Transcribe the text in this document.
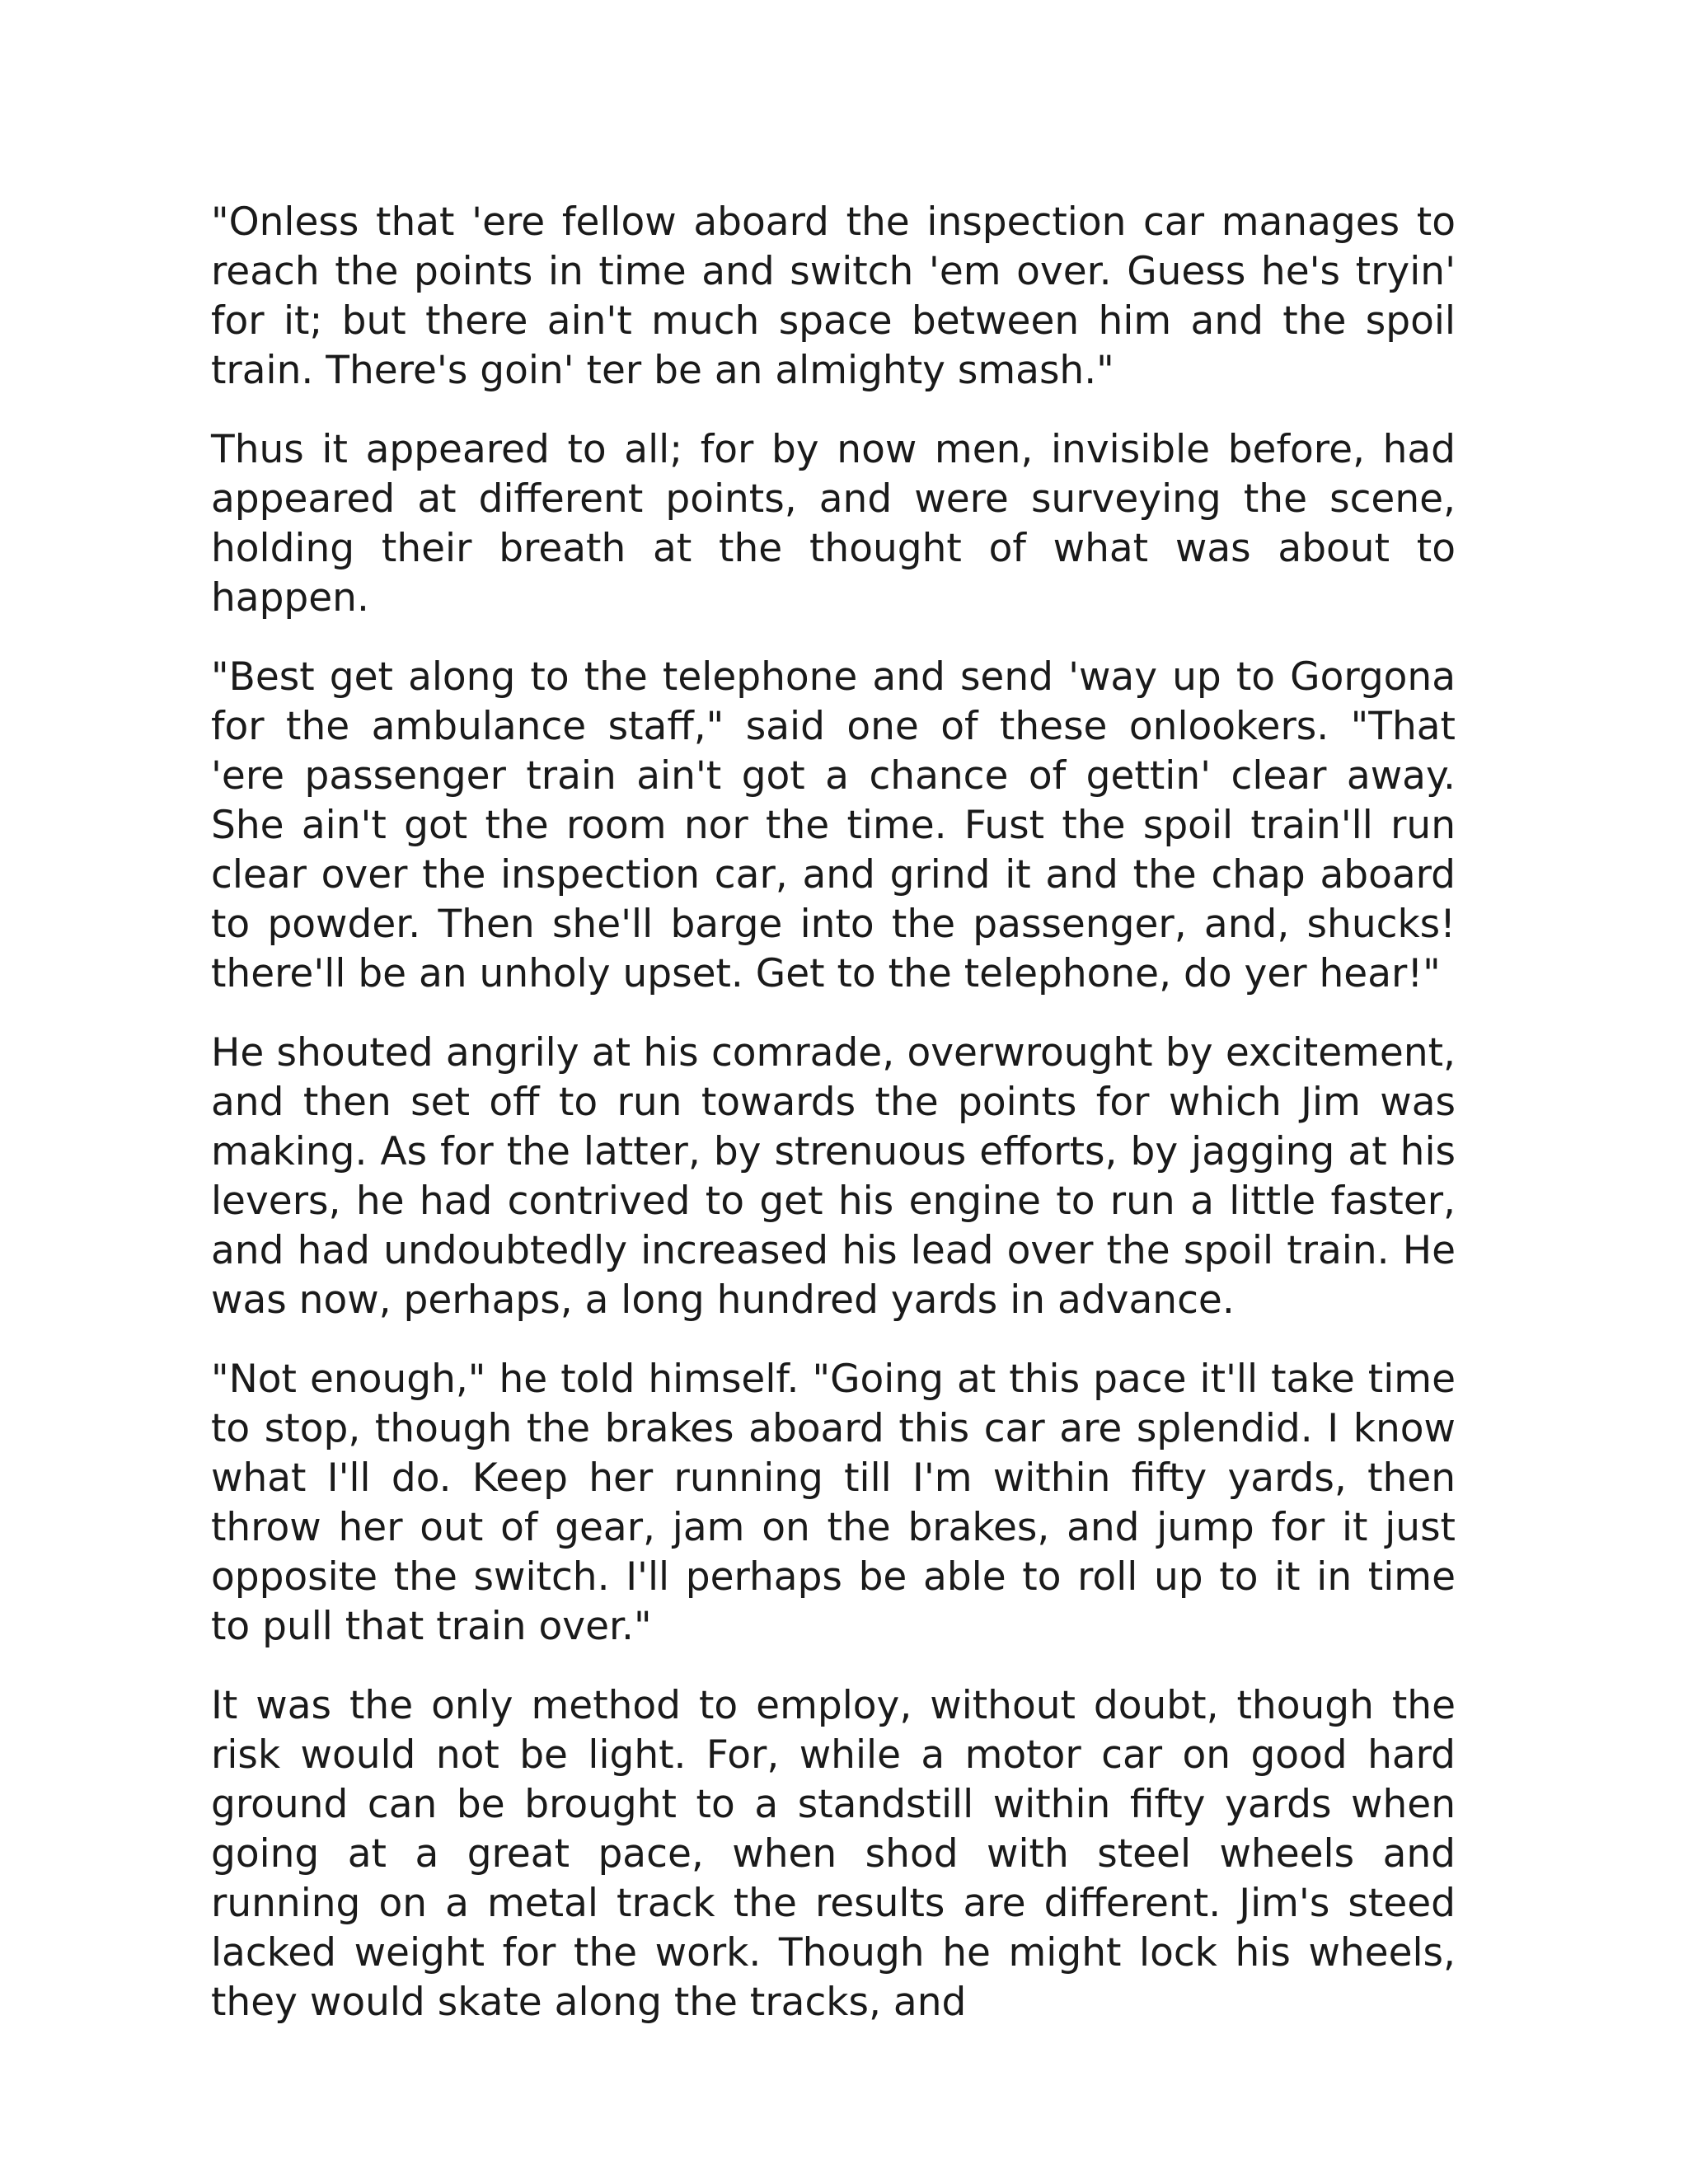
"Onless that 'ere fellow aboard the inspection car manages to reach the points in time and switch 'em over. Guess he's tryin' for it; but there ain't much space between him and the spoil train. There's goin' ter be an almighty smash."

Thus it appeared to all; for by now men, invisible before, had appeared at different points, and were surveying the scene, holding their breath at the thought of what was about to happen.

"Best get along to the telephone and send 'way up to Gorgona for the ambulance staff," said one of these onlookers. "That 'ere passenger train ain't got a chance of gettin' clear away. She ain't got the room nor the time. Fust the spoil train'll run clear over the inspection car, and grind it and the chap aboard to powder. Then she'll barge into the passenger, and, shucks! there'll be an unholy upset. Get to the telephone, do yer hear!"

He shouted angrily at his comrade, overwrought by excitement, and then set off to run towards the points for which Jim was making. As for the latter, by strenuous efforts, by jagging at his levers, he had contrived to get his engine to run a little faster, and had undoubtedly increased his lead over the spoil train. He was now, perhaps, a long hundred yards in advance.

"Not enough," he told himself. "Going at this pace it'll take time to stop, though the brakes aboard this car are splendid. I know what I'll do. Keep her running till I'm within fifty yards, then throw her out of gear, jam on the brakes, and jump for it just opposite the switch. I'll perhaps be able to roll up to it in time to pull that train over."

It was the only method to employ, without doubt, though the risk would not be light. For, while a motor car on good hard ground can be brought to a standstill within fifty yards when going at a great pace, when shod with steel wheels and running on a metal track the results are different. Jim's steed lacked weight for the work. Though he might lock his wheels, they would skate along the tracks, and
